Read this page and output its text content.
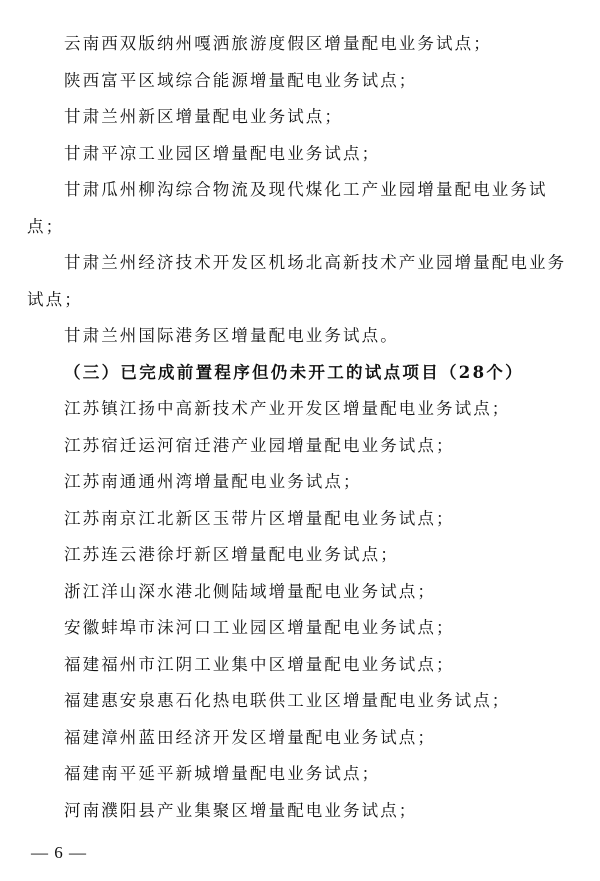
云南西双版纳州嘎洒旅游度假区增量配电业务试点；

陕西富平区域综合能源增量配电业务试点；

甘肃兰州新区增量配电业务试点；

甘肃平凉工业园区增量配电业务试点；

甘肃瓜州柳沟综合物流及现代煤化工产业园增量配电业务试点；

甘肃兰州经济技术开发区机场北高新技术产业园增量配电业务试点；

甘肃兰州国际港务区增量配电业务试点。

（三）已完成前置程序但仍未开工的试点项目（28个）

江苏镇江扬中高新技术产业开发区增量配电业务试点；

江苏宿迁运河宿迁港产业园增量配电业务试点；

江苏南通通州湾增量配电业务试点；

江苏南京江北新区玉带片区增量配电业务试点；

江苏连云港徐圩新区增量配电业务试点；

浙江洋山深水港北侧陆域增量配电业务试点；

安徽蚌埠市沫河口工业园区增量配电业务试点；

福建福州市江阴工业集中区增量配电业务试点；

福建惠安泉惠石化热电联供工业区增量配电业务试点；

福建漳州蓝田经济开发区增量配电业务试点；

福建南平延平新城增量配电业务试点；

河南濮阳县产业集聚区增量配电业务试点；

— 6 —
